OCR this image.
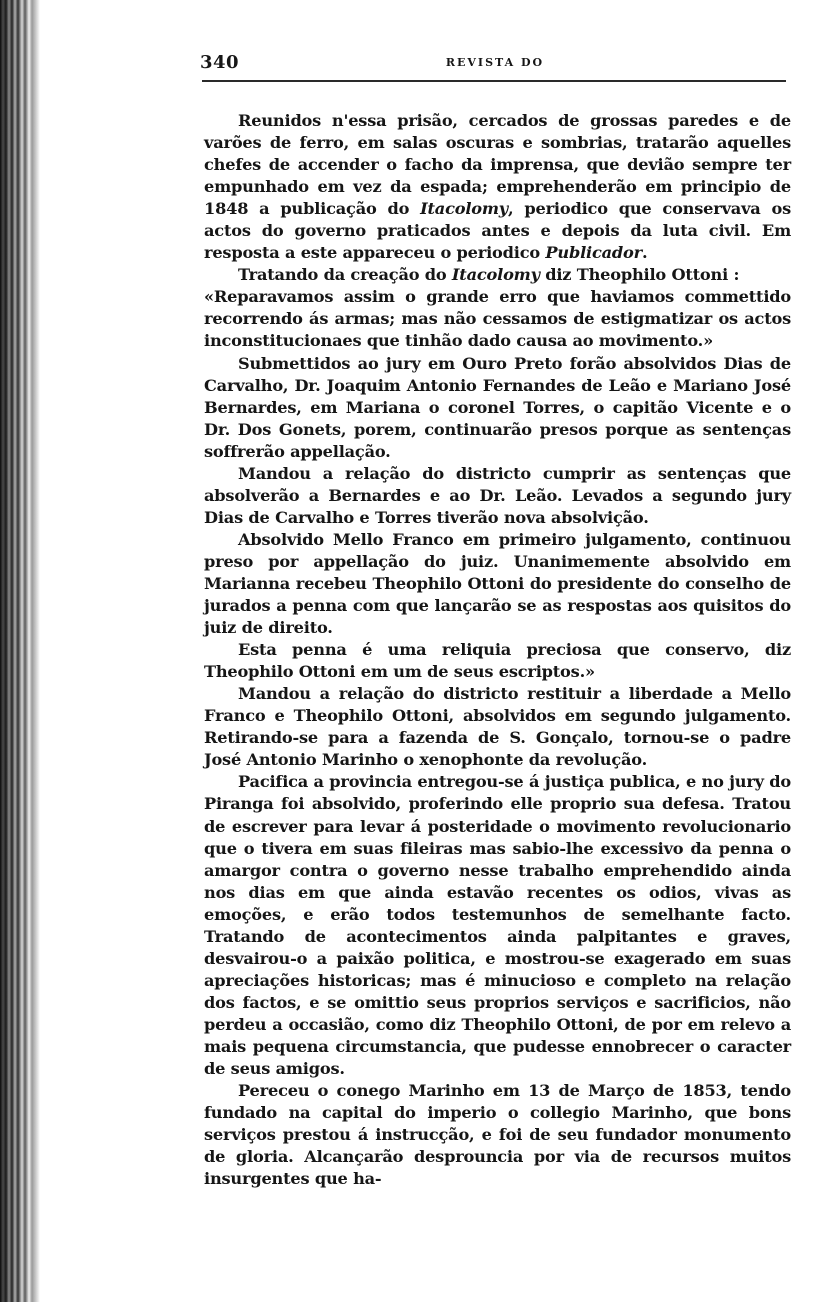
340	REVISTA DO

Reunidos n'essa prisão, cercados de grossas paredes e de varões de ferro, em salas oscuras e sombrias, tratarão aquelles chefes de accender o facho da imprensa, que devião sempre ter empunhado em vez da espada; emprehenderão em principio de 1848 a publicação do Itacolomy, periodico que conservava os actos do governo praticados antes e depois da luta civil. Em resposta a este appareceu o periodico Publicador.

Tratando da creação do Itacolomy diz Theophilo Ottoni :

«Reparavamos assim o grande erro que haviamos commettido recorrendo ás armas; mas não cessamos de estigmatizar os actos inconstitucionaes que tinhão dado causa ao movimento.»

Submettidos ao jury em Ouro Preto forão absolvidos Dias de Carvalho, Dr. Joaquim Antonio Fernandes de Leão e Mariano José Bernardes, em Mariana o coronel Torres, o capitão Vicente e o Dr. Dos Gonets, porem, continuarão presos porque as sentenças soffrerão appellação.

Mandou a relação do districto cumprir as sentenças que absolverão a Bernardes e ao Dr. Leão. Levados a segundo jury Dias de Carvalho e Torres tiverão nova absolvição.

Absolvido Mello Franco em primeiro julgamento, continuou preso por appellação do juiz. Unanimemente absolvido em Marianna recebeu Theophilo Ottoni do presidente do conselho de jurados a penna com que lançarão se as respostas aos quisitos do juiz de direito.

Esta penna é uma reliquia preciosa que conservo, diz Theophilo Ottoni em um de seus escriptos.»

Mandou a relação do districto restituir a liberdade a Mello Franco e Theophilo Ottoni, absolvidos em segundo julgamento. Retirando-se para a fazenda de S. Gonçalo, tornou-se o padre José Antonio Marinho o xenophonte da revolução.

Pacifica a provincia entregou-se á justiça publica, e no jury do Piranga foi absolvido, proferindo elle proprio sua defesa. Tratou de escrever para levar á posteridade o movimento revolucionario que o tivera em suas fileiras mas sabio-lhe excessivo da penna o amargor contra o governo nesse trabalho emprehendido ainda nos dias em que ainda estavão recentes os odios, vivas as emoções, e erão todos testemunhos de semelhante facto. Tratando de acontecimentos ainda palpitantes e graves, desvairou-o a paixão politica, e mostrou-se exagerado em suas apreciações historicas; mas é minucioso e completo na relação dos factos, e se omittio seus proprios serviços e sacrificios, não perdeu a occasião, como diz Theophilo Ottoni, de por em relevo a mais pequena circumstancia, que pudesse ennobrecer o caracter de seus amigos.

Pereceu o conego Marinho em 13 de Março de 1853, tendo fundado na capital do imperio o collegio Marinho, que bons serviços prestou á instrucção, e foi de seu fundador monumento de gloria. Alcançarão desprouncia por via de recursos muitos insurgentes que ha-
